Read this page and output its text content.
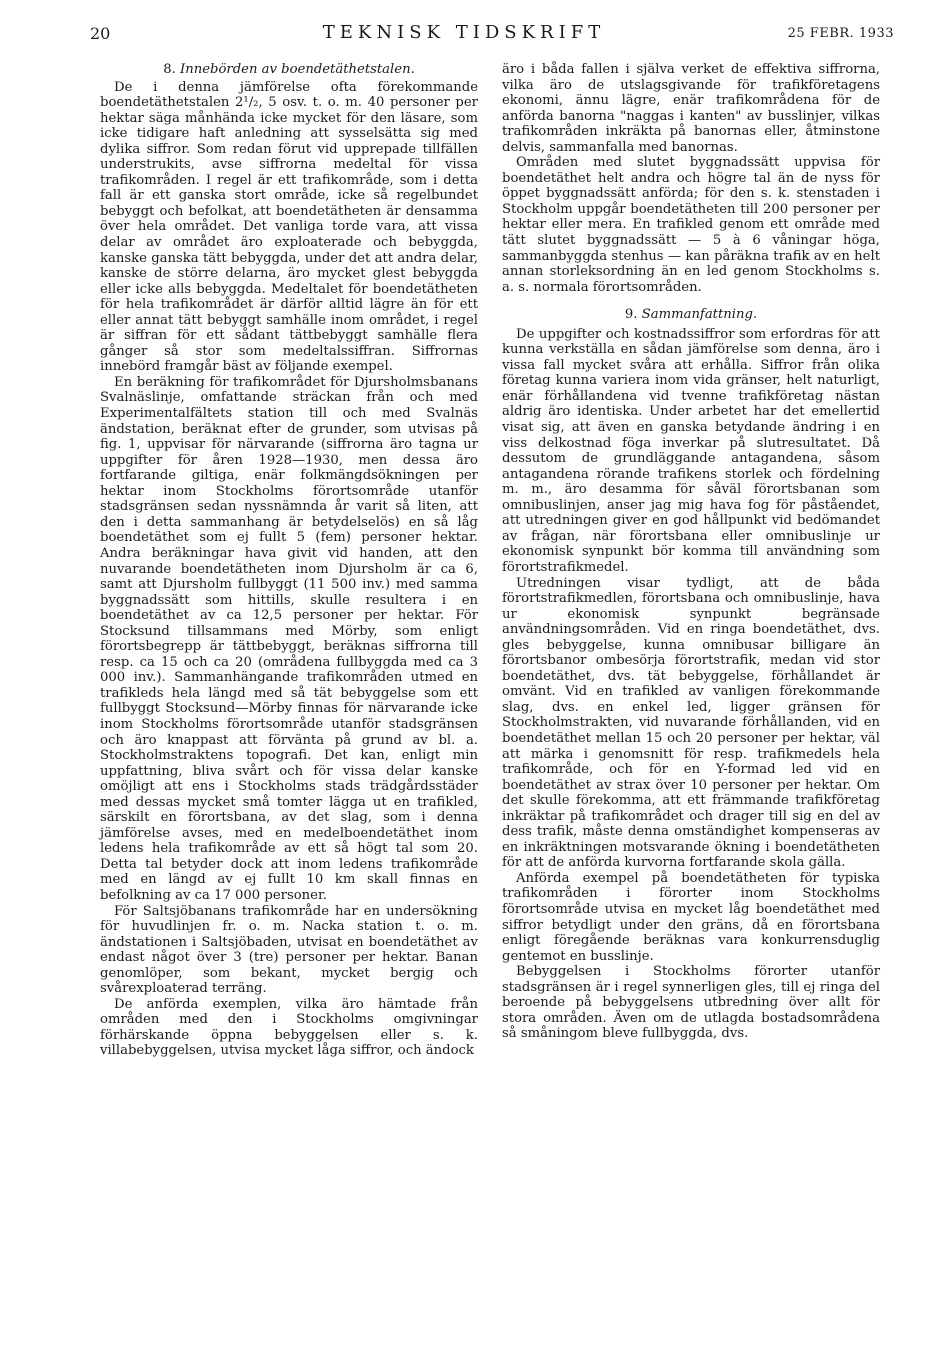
20	TEKNISK TIDSKRIFT	25 FEBR. 1933
8. Innebörden av boendetäthetstalen.

De i denna jämförelse ofta förekommande boendetäthetstalen 2¹/₂, 5 osv. t. o. m. 40 personer per hektar säga månhända icke mycket för den läsare, som icke tidigare haft anledning att sysselsätta sig med dylika siffror. Som redan förut vid upprepade tillfällen understrukits, avse siffrorna medeltal för vissa trafikområden. I regel är ett trafikområde, som i detta fall är ett ganska stort område, icke så regelbundet bebyggt och befolkat, att boendetätheten är densamma över hela området. Det vanliga torde vara, att vissa delar av området äro exploaterade och bebyggda, kanske ganska tätt bebyggda, under det att andra delar, kanske de större delarna, äro mycket glest bebyggda eller icke alls bebyggda. Medeltalet för boendetätheten för hela trafikområdet är därför alltid lägre än för ett eller annat tätt bebyggt samhälle inom området, i regel är siffran för ett sådant tättbebyggt samhälle flera gånger så stor som medeltalssiffran. Siffrornas innebörd framgår bäst av följande exempel.

En beräkning för trafikområdet för Djursholmsbanans Svalnäslinje, omfattande sträckan från och med Experimentalfältets station till och med Svalnäs ändstation, beräknat efter de grunder, som utvisas på fig. 1, uppvisar för närvarande (siffrorna äro tagna ur uppgifter för åren 1928—1930, men dessa äro fortfarande giltiga, enär folkmängdsökningen per hektar inom Stockholms förortsområde utanför stadsgränsen sedan nyssnämnda år varit så liten, att den i detta sammanhang är betydelselös) en så låg boendetäthet som ej fullt 5 (fem) personer hektar. Andra beräkningar hava givit vid handen, att den nuvarande boendetätheten inom Djursholm är ca 6, samt att Djursholm fullbyggt (11 500 inv.) med samma byggnadssätt som hittills, skulle resultera i en boendetäthet av ca 12,5 personer per hektar. För Stocksund tillsammans med Mörby, som enligt förortsbegrepp är tättbebyggt, beräknas siffrorna till resp. ca 15 och ca 20 (områdena fullbyggda med ca 3 000 inv.). Sammanhängande trafikområden utmed en trafikleds hela längd med så tät bebyggelse som ett fullbyggt Stocksund—Mörby finnas för närvarande icke inom Stockholms förortsområde utanför stadsgränsen och äro knappast att förvänta på grund av bl. a. Stockholmstraktens topografi. Det kan, enligt min uppfattning, bliva svårt och för vissa delar kanske omöjligt att ens i Stockholms stads trädgårdsstäder med dessas mycket små tomter lägga ut en trafikled, särskilt en förortsbana, av det slag, som i denna jämförelse avses, med en medelboendetäthet inom ledens hela trafikområde av ett så högt tal som 20. Detta tal betyder dock att inom ledens trafikområde med en längd av ej fullt 10 km skall finnas en befolkning av ca 17 000 personer.

För Saltsjöbanans trafikområde har en undersökning för huvudlinjen fr. o. m. Nacka station t. o. m. ändstationen i Saltsjöbaden, utvisat en boendetäthet av endast något över 3 (tre) personer per hektar. Banan genomlöper, som bekant, mycket bergig och svårexploaterad terräng.

De anförda exemplen, vilka äro hämtade från områden med den i Stockholms omgivningar förhärskande öppna bebyggelsen eller s. k. villabebyggelsen, utvisa mycket låga siffror, och ändock

äro i båda fallen i själva verket de effektiva siffrorna, vilka äro de utslagsgivande för trafikföretagens ekonomi, ännu lägre, enär trafikområdena för de anförda banorna "naggas i kanten" av busslinjer, vilkas trafikområden inkräkta på banornas eller, åtminstone delvis, sammanfalla med banornas.

Områden med slutet byggnadssätt uppvisa för boendetäthet helt andra och högre tal än de nyss för öppet byggnadssätt anförda; för den s. k. stenstaden i Stockholm uppgår boendetätheten till 200 personer per hektar eller mera. En trafikled genom ett område med tätt slutet byggnadssätt — 5 à 6 våningar höga, sammanbyggda stenhus — kan påräkna trafik av en helt annan storleksordning än en led genom Stockholms s. a. s. normala förortsområden.

9. Sammanfattning.

De uppgifter och kostnadssiffror som erfordras för att kunna verkställa en sådan jämförelse som denna, äro i vissa fall mycket svåra att erhålla. Siffror från olika företag kunna variera inom vida gränser, helt naturligt, enär förhållandena vid tvenne trafikföretag nästan aldrig äro identiska. Under arbetet har det emellertid visat sig, att även en ganska betydande ändring i en viss delkostnad föga inverkar på slutresultatet. Då dessutom de grundläggande antagandena, såsom antagandena rörande trafikens storlek och fördelning m. m., äro desamma för såväl förortsbanan som omnibuslinjen, anser jag mig hava fog för påståendet, att utredningen giver en god hållpunkt vid bedömandet av frågan, när förortsbana eller omnibuslinje ur ekonomisk synpunkt bör komma till användning som förortstrafikmedel.

Utredningen visar tydligt, att de båda förortstrafikmedlen, förortsbana och omnibuslinje, hava ur ekonomisk synpunkt begränsade användningsområden. Vid en ringa boendetäthet, dvs. gles bebyggelse, kunna omnibusar billigare än förortsbanor ombesörja förortstrafik, medan vid stor boendetäthet, dvs. tät bebyggelse, förhållandet är omvänt. Vid en trafikled av vanligen förekommande slag, dvs. en enkel led, ligger gränsen för Stockholmstrakten, vid nuvarande förhållanden, vid en boendetäthet mellan 15 och 20 personer per hektar, väl att märka i genomsnitt för resp. trafikmedels hela trafikområde, och för en Y-formad led vid en boendetäthet av strax över 10 personer per hektar. Om det skulle förekomma, att ett främmande trafikföretag inkräktar på trafikområdet och drager till sig en del av dess trafik, måste denna omständighet kompenseras av en inkräktningen motsvarande ökning i boendetätheten för att de anförda kurvorna fortfarande skola gälla.

Anförda exempel på boendetätheten för typiska trafikområden i förorter inom Stockholms förortsområde utvisa en mycket låg boendetäthet med siffror betydligt under den gräns, då en förortsbana enligt föregående beräknas vara konkurrensduglig gentemot en busslinje.

Bebyggelsen i Stockholms förorter utanför stadsgränsen är i regel synnerligen gles, till ej ringa del beroende på bebyggelsens utbredning över allt för stora områden. Även om de utlagda bostadsområdena så småningom bleve fullbyggda, dvs.
